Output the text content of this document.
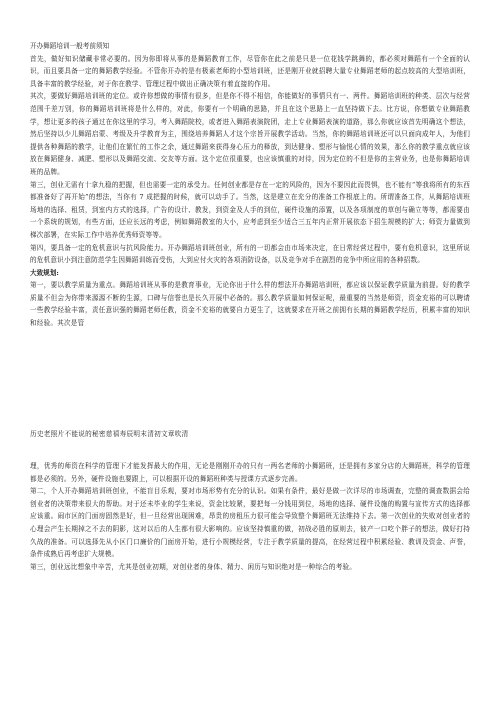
开办舞蹈培训一般考前须知

首先，做好知识储藏非常必要的。因为你即将从事的是舞蹈教育工作，尽管你在此之前是只是一位花钱学跳舞的，都必须对舞蹈有一个全面的认识，而且要具备一定的舞蹈教学经验。不管你开办的是有极素老师的小型培训班，还是刚开业就招聘大量专业舞蹈老师的起点较高的大型培训班，具备丰富的教学经验，对于你在教学、管理过程中做出正确决策有着直接的作用。

其次，要做好舞蹈培训班的定位。或许你想做的事情有很多，但是你不得不相信，你能做好的事情只有一、两件。舞蹈培训班的种类、层次与经营范围千差万别，你的舞蹈培训班将是什么样的，对此，你要有一个明确的思路，并且在这个思路上一直坚持做下去。比方说，你想做专业舞蹈教学，想让更多的孩子通过在你这里的学习，考入舞蹈院校，或者进入舞蹈表演院团，走上专业舞蹈表演的道路，那么你就应该首先明确这个想法，然后坚持以少儿舞蹈启蒙、考级及升学教育为主，围绕培养舞蹈人才这个宗旨开展教学活动。当然，你的舞蹈培训班还可以只面向成年人，为他们提供各种舞蹈的教学，让他们在繁忙的工作之余，通过舞蹈来获得身心压力的释放，到达健身、塑形与愉悦心情的效果，那么你的教学重点就应该放在舞蹈健身、减肥、塑形以及舞蹈交流、交友等方面。这个定位很重要，也应该慎重的对待，因为定位的不但是你的主营业务，也是你舞蹈培训班的品牌。

第三，创业无需有十拿九稳的把握，但也需要一定的承受力。任何创业都是存在一定的风险的，因为不要因此而畏惧，也不能有“等我将所有的东西都准备好了再开始”的想法，当你有 7 成把握的时候，就可以动手了。当然，这是建立在充分的准备工作根底上的。所谓准备工作，从舞蹈培训班场地的选择、租赁，到室内方式的选择，广告的设计、教发，到资金及人手的到位，硬件设施的添置，以及各项制度的草创与确立等等，都需要由一个系统的规划，有些方面，还应长远的考虑，例如舞蹈教室的大小，应考虑到至少适合三五年内正常开展依态下招生规模的扩大；师资力量做到梯次部署，在实际工作中培养优秀师资等等。

第四，要具备一定的危机意识与抗风险能力。开办舞蹈培训班创业，所有的一切都会由市场来决定，在日常经营过程中，要有危机意识，这里所说的危机意识小到注意防范学生因舞蹈训练而受伤，大到应付火灾的各项消防设备，以及竞争对手在剧烈的竞争中所应用的各种招数。

大致规划:

第一，要以教学质量为重点。舞蹈培训班从事的是教育事业，无论你出于什么样的想法开办舞蹈培训班，都应该以保证教学质量为前提。好的教学质量不但会为你带来源源不断的生源，口碑与信誉也是长久开展中必备的。那么教学质量如何保证呢，最重要的当然是师资，资金充裕的可以聘请一些教学经验丰富，责任意识强的舞蹈老师任教，资金不充裕的就要自力更生了，这就要求在开班之前拥有长期的舞蹈教学经历，积累丰富的知识和经验。其次是管

历史老照片不能说的秘密慈禧寿辰明末清初文章吹清

理，优秀的师资在科学的管理下才能发挥最大的作用，无论是刚刚开办的只有一两名老师的小舞蹈班，还是拥有多家分店的大舞蹈班，科学的管理都是必须的。另外，硬件设施也要跟上，可以根据开设的舞蹈班种类与授课方式逐步完善。

第二，个人开办舞蹈培训班创业，不能盲目乐观，要对市场形势有充分的认识。如果有条件，最好是做一次详尽的市场调查，完整的调查数据会给创业者的决策带来很大的帮助。对于还未毕业的学生来说，资金比较紧，要把每一分钱用到位，场地的选择、硬件设施的购置与宣传方式的选择都应该重。闹市区的门面房固然是好，但一旦经营出现困难，昂贵的房租压力很可能会导致整个舞蹈班无法维持下去。第一次创业的失败对创业者的心理会产生长期掉之不去的阴影，这对以后的人生都有很大影响的。应该坚持慎重的做，初战必胜的原则去，彼产一口吃个胖子的想法，做好打持久战的准备。可以选择先从小区门口廉价的门面房开始，进行小规模经营，专注于教学质量的提高，在经营过程中积累经验、教训及资金、声誉，条件成熟后再考虑扩大规模。

第三，创业远比想象中辛苦，尤其是创业初期，对创业者的身体、精力、闲历与知识绝对是一种综合的考验。
